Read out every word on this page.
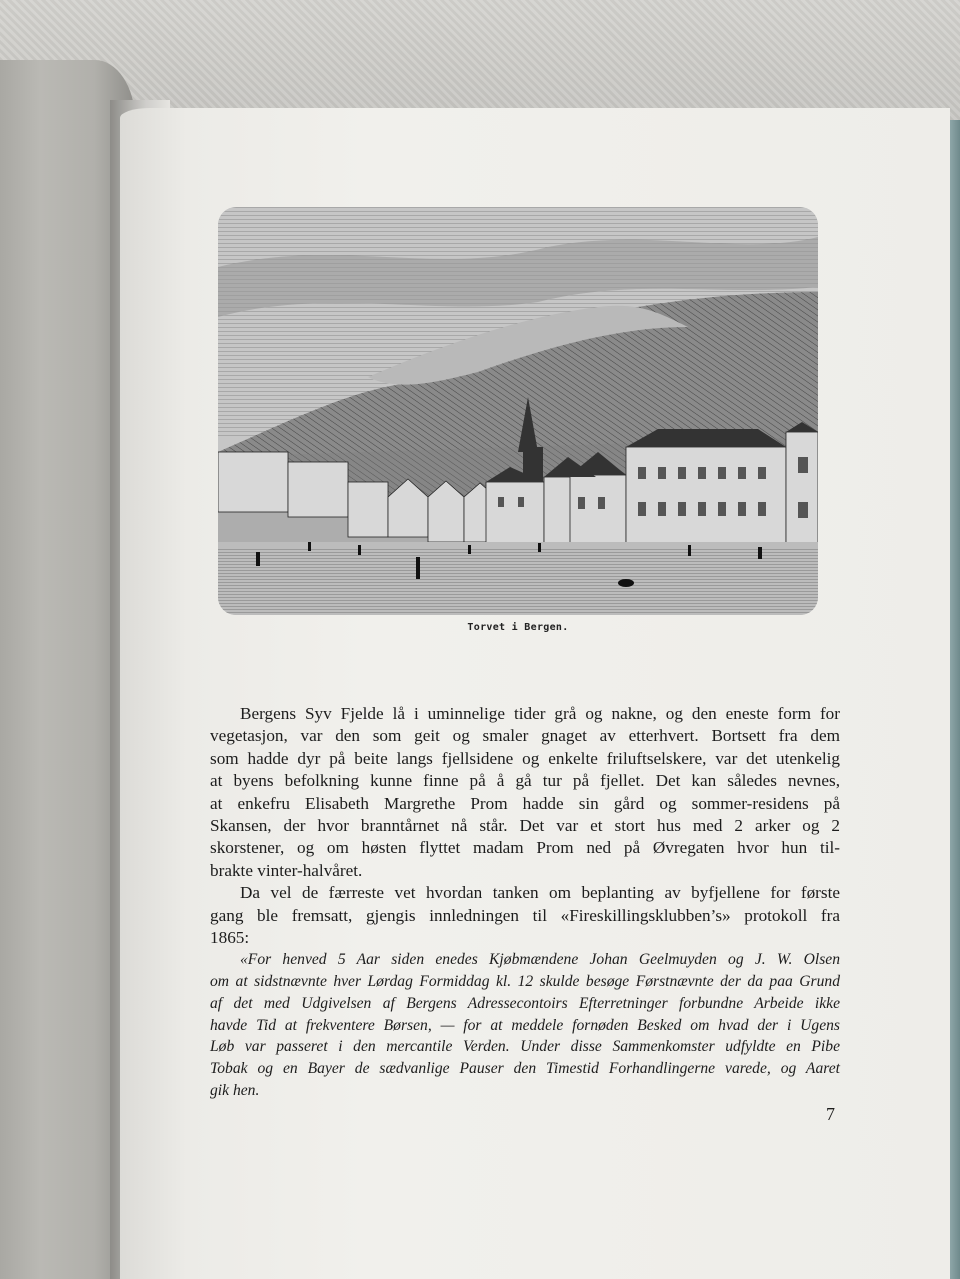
Torvet i Bergen.

Bergens Syv Fjelde lå i uminnelige tider grå og nakne, og den eneste form for
vegetasjon, var den som geit og smaler gnaget av etterhvert. Bortsett fra dem
som hadde dyr på beite langs fjellsidene og enkelte friluftselskere, var det utenkelig
at byens befolkning kunne finne på å gå tur på fjellet. Det kan således nevnes,
at enkefru Elisabeth Margrethe Prom hadde sin gård og sommer-residens på
Skansen, der hvor branntårnet nå står. Det var et stort hus med 2 arker og 2
skorstener, og om høsten flyttet madam Prom ned på Øvregaten hvor hun til-
brakte vinter-halvåret.

Da vel de færreste vet hvordan tanken om beplanting av byfjellene for første
gang ble fremsatt, gjengis innledningen til «Fireskillingsklubben’s» protokoll fra
1865:

«For henved 5 Aar siden enedes Kjøbmændene Johan Geelmuyden og J. W. Olsen
om at sidstnævnte hver Lørdag Formiddag kl. 12 skulde besøge Førstnævnte der da paa Grund
af det med Udgivelsen af Bergens Adressecontoirs Efterretninger forbundne Arbeide ikke
havde Tid at frekventere Børsen, — for at meddele fornøden Besked om hvad der i Ugens
Løb var passeret i den mercantile Verden. Under disse Sammenkomster udfyldte en Pibe
Tobak og en Bayer de sædvanlige Pauser den Timestid Forhandlingerne varede, og Aaret
gik hen.

7
